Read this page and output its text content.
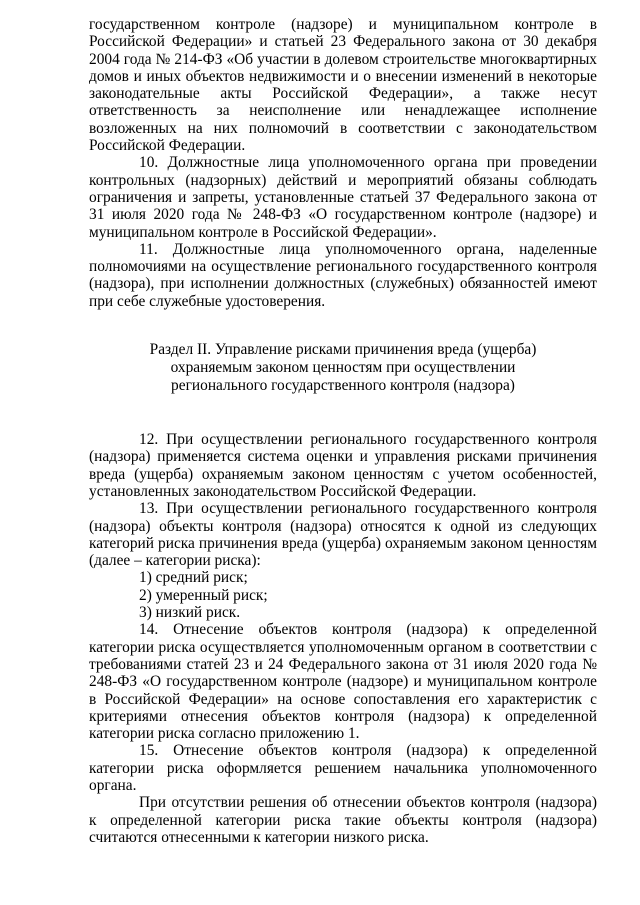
государственном контроле (надзоре) и муниципальном контроле в Российской Федерации» и статьей 23 Федерального закона от 30 декабря 2004 года № 214-ФЗ «Об участии в долевом строительстве многоквартирных домов и иных объектов недвижимости и о внесении изменений в некоторые законодательные акты Российской Федерации», а также несут ответственность за неисполнение или ненадлежащее исполнение возложенных на них полномочий в соответствии с законодательством Российской Федерации.

10. Должностные лица уполномоченного органа при проведении контрольных (надзорных) действий и мероприятий обязаны соблюдать ограничения и запреты, установленные статьей 37 Федерального закона от 31 июля 2020 года № 248-ФЗ «О государственном контроле (надзоре) и муниципальном контроле в Российской Федерации».

11. Должностные лица уполномоченного органа, наделенные полномочиями на осуществление регионального государственного контроля (надзора), при исполнении должностных (служебных) обязанностей имеют при себе служебные удостоверения.

Раздел II. Управление рисками причинения вреда (ущерба)
охраняемым законом ценностям при осуществлении
регионального государственного контроля (надзора)

12. При осуществлении регионального государственного контроля (надзора) применяется система оценки и управления рисками причинения вреда (ущерба) охраняемым законом ценностям с учетом особенностей, установленных законодательством Российской Федерации.

13. При осуществлении регионального государственного контроля (надзора) объекты контроля (надзора) относятся к одной из следующих категорий риска причинения вреда (ущерба) охраняемым законом ценностям (далее – категории риска):

1) средний риск;

2) умеренный риск;

3) низкий риск.

14. Отнесение объектов контроля (надзора) к определенной категории риска осуществляется уполномоченным органом в соответствии с требованиями статей 23 и 24 Федерального закона от 31 июля 2020 года № 248-ФЗ «О государственном контроле (надзоре) и муниципальном контроле в Российской Федерации» на основе сопоставления его характеристик с критериями отнесения объектов контроля (надзора) к определенной категории риска согласно приложению 1.

15. Отнесение объектов контроля (надзора) к определенной категории риска оформляется решением начальника уполномоченного органа.

При отсутствии решения об отнесении объектов контроля (надзора) к определенной категории риска такие объекты контроля (надзора) считаются отнесенными к категории низкого риска.
